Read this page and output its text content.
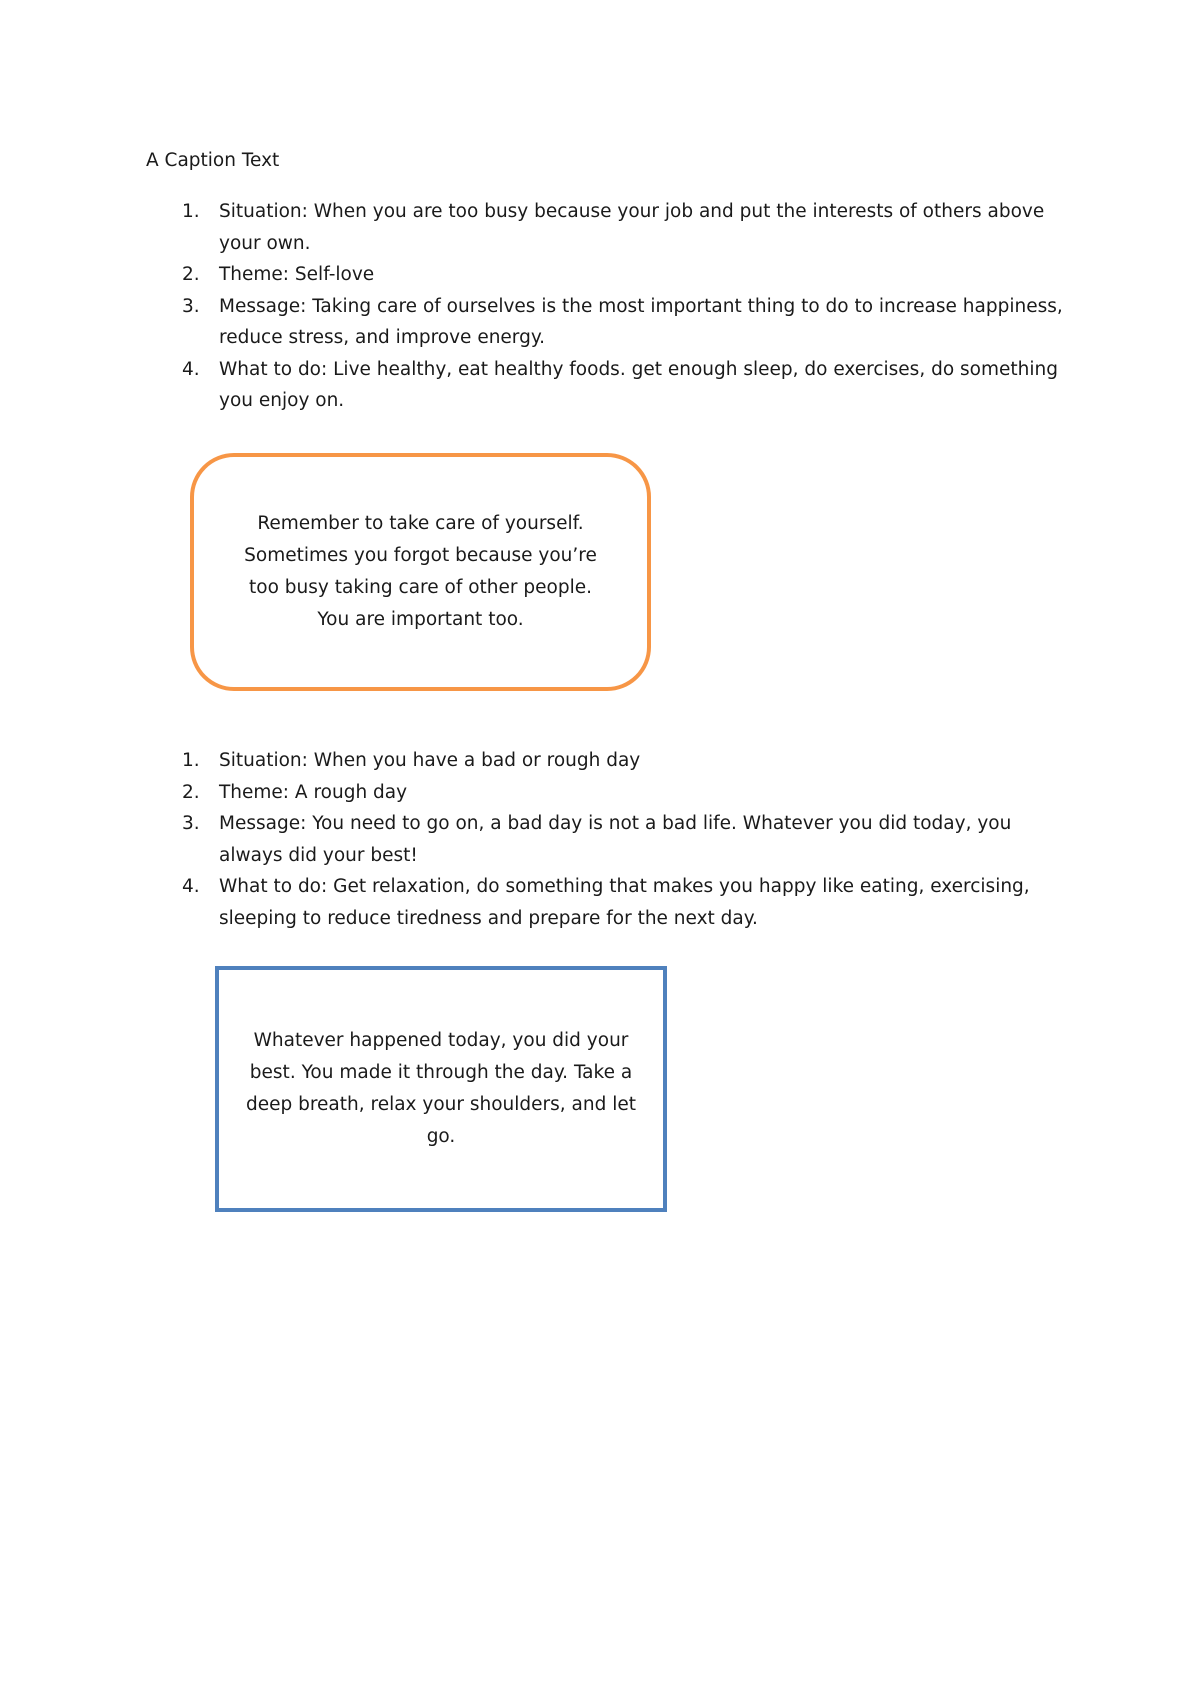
A Caption Text
1. Situation: When you are too busy because your job and put the interests of others above your own.
2. Theme: Self-love
3. Message: Taking care of ourselves is the most important thing to do to increase happiness, reduce stress, and improve energy.
4. What to do: Live healthy, eat healthy foods. get enough sleep, do exercises, do something you enjoy on.
Remember to take care of yourself. Sometimes you forgot because you’re too busy taking care of other people. You are important too.
1. Situation: When you have a bad or rough day
2. Theme: A rough day
3. Message: You need to go on, a bad day is not a bad life. Whatever you did today, you always did your best!
4. What to do: Get relaxation, do something that makes you happy like eating, exercising, sleeping to reduce tiredness and prepare for the next day.
Whatever happened today, you did your best. You made it through the day. Take a deep breath, relax your shoulders, and let go.
